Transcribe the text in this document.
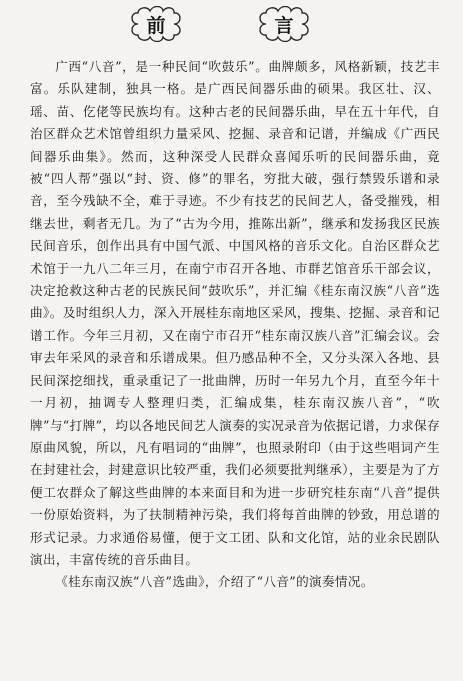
前	言

广西“八音”，是一种民间“吹鼓乐”。曲牌颇多，风格新颖，技艺丰富。乐队建制，独具一格。是广西民间器乐曲的硕果。我区壮、汉、瑶、苗、仡佬等民族均有。这种古老的民间器乐曲，早在五十年代，自治区群众艺术馆曾组织力量采风、挖掘、录音和记谱，并编成《广西民间器乐曲集》。然而，这种深受人民群众喜闻乐听的民间器乐曲，竟被“四人帮”强以“封、资、修”的罪名，穷批大破，强行禁毁乐谱和录音，至今残缺不全，难于寻迹。不少有技艺的民间艺人，备受摧残，相继去世，剩者无几。为了“古为今用，推陈出新”，继承和发扬我区民族民间音乐，创作出具有中国气派、中国风格的音乐文化。自治区群众艺术馆于一九八二年三月，在南宁市召开各地、市群艺馆音乐干部会议，决定抢救这种古老的民族民间“鼓吹乐”，并汇编《桂东南汉族“八音”选曲》。及时组织人力，深入开展桂东南地区采风，搜集、挖掘、录音和记谱工作。今年三月初，又在南宁市召开“桂东南汉族八音”汇编会议。会审去年采风的录音和乐谱成果。但乃感品种不全，又分头深入各地、县民间深挖细找，重录重记了一批曲牌，历时一年另九个月，直至今年十一月初，抽调专人整理归类，汇编成集，桂东南汉族八音”，“吹牌”与“打牌”，均以各地民间艺人演奏的实况录音为依据记谱，力求保存原曲风貌，所以，凡有唱词的“曲牌”，也照录附印（由于这些唱词产生在封建社会，封建意识比较严重，我们必须要批判继承），主要是为了方便工农群众了解这些曲牌的本来面目和为进一步研究桂东南“八音”提供一份原始资料，为了扶制精神污染，我们将每首曲牌的钞致，用总谱的形式记录。力求通俗易懂，便于文工团、队和文化馆，站的业余民剧队演出，丰富传统的音乐曲目。

《桂东南汉族“八音”选曲》，介绍了“八音”的演奏情况。
